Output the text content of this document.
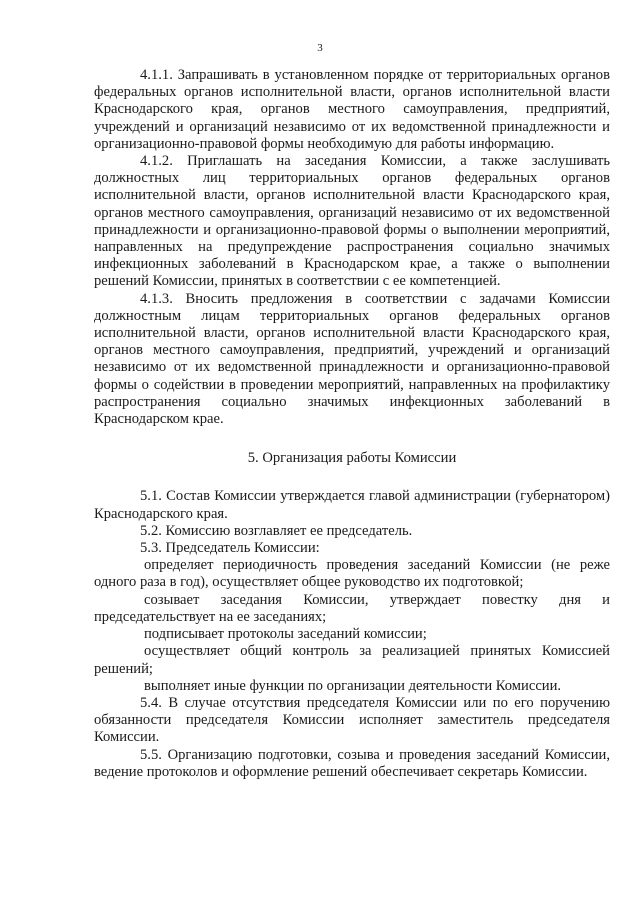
3

4.1.1. Запрашивать в установленном порядке от территориальных органов федеральных органов исполнительной власти, органов исполнительной власти Краснодарского края, органов местного самоуправления, предприятий, учреждений и организаций независимо от их ведомственной принадлежности и организационно-правовой формы необходимую для работы информацию.

4.1.2. Приглашать на заседания Комиссии, а также заслушивать должностных лиц территориальных органов федеральных органов исполнительной власти, органов исполнительной власти Краснодарского края, органов местного самоуправления, организаций независимо от их ведомственной принадлежности и организационно-правовой формы о выполнении мероприятий, направленных на предупреждение распространения социально значимых инфекционных заболеваний в Краснодарском крае, а также о выполнении решений Комиссии, принятых в соответствии с ее компетенцией.

4.1.3. Вносить предложения в соответствии с задачами Комиссии должностным лицам территориальных органов федеральных органов исполнительной власти, органов исполнительной власти Краснодарского края, органов местного самоуправления, предприятий, учреждений и организаций независимо от их ведомственной принадлежности и организационно-правовой формы о содействии в проведении мероприятий, направленных на профилактику распространения социально значимых инфекционных заболеваний в Краснодарском крае.

5. Организация работы Комиссии

5.1. Состав Комиссии утверждается главой администрации (губернатором) Краснодарского края.

5.2. Комиссию возглавляет ее председатель.

5.3. Председатель Комиссии:

определяет периодичность проведения заседаний Комиссии (не реже одного раза в год), осуществляет общее руководство их подготовкой;

созывает заседания Комиссии, утверждает повестку дня и председательствует на ее заседаниях;

подписывает протоколы заседаний комиссии;

осуществляет общий контроль за реализацией принятых Комиссией решений;

выполняет иные функции по организации деятельности Комиссии.

5.4. В случае отсутствия председателя Комиссии или по его поручению обязанности председателя Комиссии исполняет заместитель председателя Комиссии.

5.5. Организацию подготовки, созыва и проведения заседаний Комиссии, ведение протоколов и оформление решений обеспечивает секретарь Комиссии.
